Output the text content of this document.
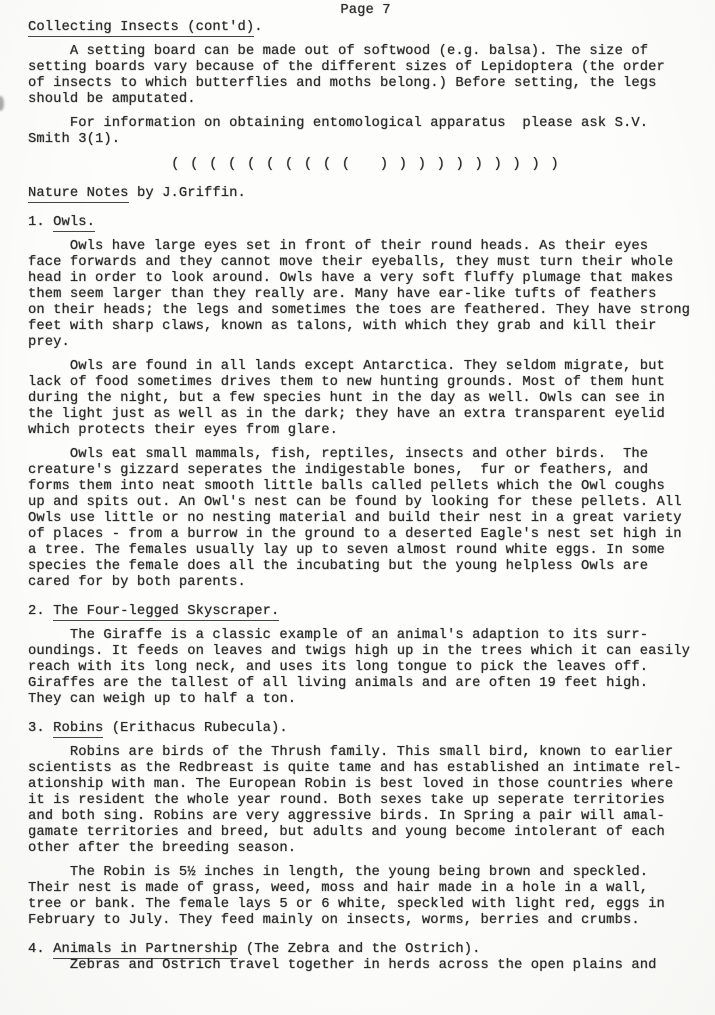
Page 7
Collecting Insects (cont'd).
A setting board can be made out of softwood (e.g. balsa). The size of
setting boards vary because of the different sizes of Lepidoptera (the order
of insects to which butterflies and moths belong.) Before setting, the legs
should be amputated.
For information on obtaining entomological apparatus  please ask S.V.
Smith 3(1).
( ( ( ( ( ( ( ( ( (   ) ) ) ) ) ) ) ) ) )
Nature Notes by J.Griffin.
1. Owls.
Owls have large eyes set in front of their round heads. As their eyes
face forwards and they cannot move their eyeballs, they must turn their whole
head in order to look around. Owls have a very soft fluffy plumage that makes
them seem larger than they really are. Many have ear-like tufts of feathers
on their heads; the legs and sometimes the toes are feathered. They have strong
feet with sharp claws, known as talons, with which they grab and kill their
prey.
Owls are found in all lands except Antarctica. They seldom migrate, but
lack of food sometimes drives them to new hunting grounds. Most of them hunt
during the night, but a few species hunt in the day as well. Owls can see in
the light just as well as in the dark; they have an extra transparent eyelid
which protects their eyes from glare.
Owls eat small mammals, fish, reptiles, insects and other birds.  The
creature's gizzard seperates the indigestable bones,  fur or feathers, and
forms them into neat smooth little balls called pellets which the Owl coughs
up and spits out. An Owl's nest can be found by looking for these pellets. All
Owls use little or no nesting material and build their nest in a great variety
of places - from a burrow in the ground to a deserted Eagle's nest set high in
a tree. The females usually lay up to seven almost round white eggs. In some
species the female does all the incubating but the young helpless Owls are
cared for by both parents.
2. The Four-legged Skyscraper.
The Giraffe is a classic example of an animal's adaption to its surr-
oundings. It feeds on leaves and twigs high up in the trees which it can easily
reach with its long neck, and uses its long tongue to pick the leaves off.
Giraffes are the tallest of all living animals and are often 19 feet high.
They can weigh up to half a ton.
3. Robins (Erithacus Rubecula).
Robins are birds of the Thrush family. This small bird, known to earlier
scientists as the Redbreast is quite tame and has established an intimate rel-
ationship with man. The European Robin is best loved in those countries where
it is resident the whole year round. Both sexes take up seperate territories
and both sing. Robins are very aggressive birds. In Spring a pair will amal-
gamate territories and breed, but adults and young become intolerant of each
other after the breeding season.
The Robin is 5½ inches in length, the young being brown and speckled.
Their nest is made of grass, weed, moss and hair made in a hole in a wall,
tree or bank. The female lays 5 or 6 white, speckled with light red, eggs in
February to July. They feed mainly on insects, worms, berries and crumbs.
4. Animals in Partnership (The Zebra and the Ostrich).
Zebras and Ostrich travel together in herds across the open plains and
